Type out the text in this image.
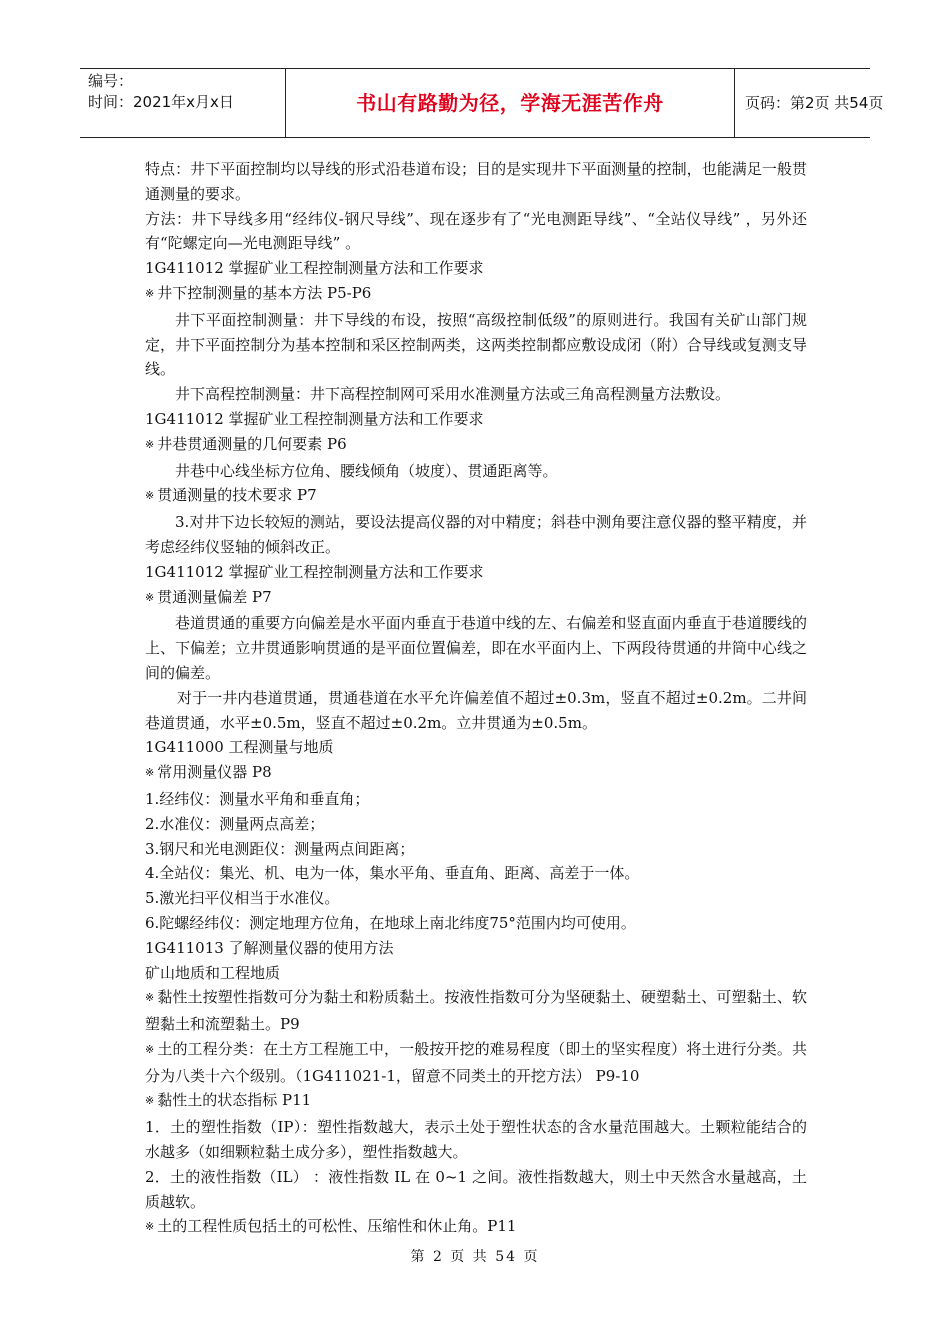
编号：
时间：2021年x月x日	书山有路勤为径，学海无涯苦作舟	页码：第2页 共54页

特点：井下平面控制均以导线的形式沿巷道布设；目的是实现井下平面测量的控制，也能满足一般贯通测量的要求。

方法：井下导线多用“经纬仪-钢尺导线”、现在逐步有了“光电测距导线”、“全站仪导线” ，另外还有“陀螺定向—光电测距导线” 。

1G411012 掌握矿业工程控制测量方法和工作要求

※ 井下控制测量的基本方法 P5-P6

井下平面控制测量：井下导线的布设，按照“高级控制低级”的原则进行。我国有关矿山部门规定，井下平面控制分为基本控制和采区控制两类，这两类控制都应敷设成闭（附）合导线或复测支导线。

井下高程控制测量：井下高程控制网可采用水准测量方法或三角高程测量方法敷设。

1G411012 掌握矿业工程控制测量方法和工作要求

※ 井巷贯通测量的几何要素 P6

井巷中心线坐标方位角、腰线倾角（坡度）、贯通距离等。

※ 贯通测量的技术要求 P7

3.对井下边长较短的测站，要设法提高仪器的对中精度；斜巷中测角要注意仪器的整平精度，并考虑经纬仪竖轴的倾斜改正。

1G411012 掌握矿业工程控制测量方法和工作要求

※ 贯通测量偏差 P7

巷道贯通的重要方向偏差是水平面内垂直于巷道中线的左、右偏差和竖直面内垂直于巷道腰线的上、下偏差；立井贯通影响贯通的是平面位置偏差，即在水平面内上、下两段待贯通的井筒中心线之间的偏差。

对于一井内巷道贯通，贯通巷道在水平允许偏差值不超过±0.3m，竖直不超过±0.2m。二井间巷道贯通，水平±0.5m，竖直不超过±0.2m。立井贯通为±0.5m。

1G411000 工程测量与地质

※ 常用测量仪器 P8

1.经纬仪：测量水平角和垂直角；

2.水准仪：测量两点高差；

3.钢尺和光电测距仪：测量两点间距离；

4.全站仪：集光、机、电为一体，集水平角、垂直角、距离、高差于一体。

5.激光扫平仪相当于水准仪。

6.陀螺经纬仪：测定地理方位角，在地球上南北纬度75°范围内均可使用。

1G411013 了解测量仪器的使用方法

矿山地质和工程地质

※ 黏性土按塑性指数可分为黏土和粉质黏土。按液性指数可分为坚硬黏土、硬塑黏土、可塑黏土、软塑黏土和流塑黏土。P9

※ 土的工程分类：在土方工程施工中，一般按开挖的难易程度（即土的坚实程度）将土进行分类。共分为八类十六个级别。（1G411021-1，留意不同类土的开挖方法） P9-10

※ 黏性土的状态指标 P11

1．土的塑性指数（IP）：塑性指数越大，表示土处于塑性状态的含水量范围越大。土颗粒能结合的水越多（如细颗粒黏土成分多），塑性指数越大。

2．土的液性指数（IL） ：液性指数 IL 在 0~1 之间。液性指数越大，则土中天然含水量越高，土质越软。

※ 土的工程性质包括土的可松性、压缩性和休止角。P11

第 2 页 共 54 页
